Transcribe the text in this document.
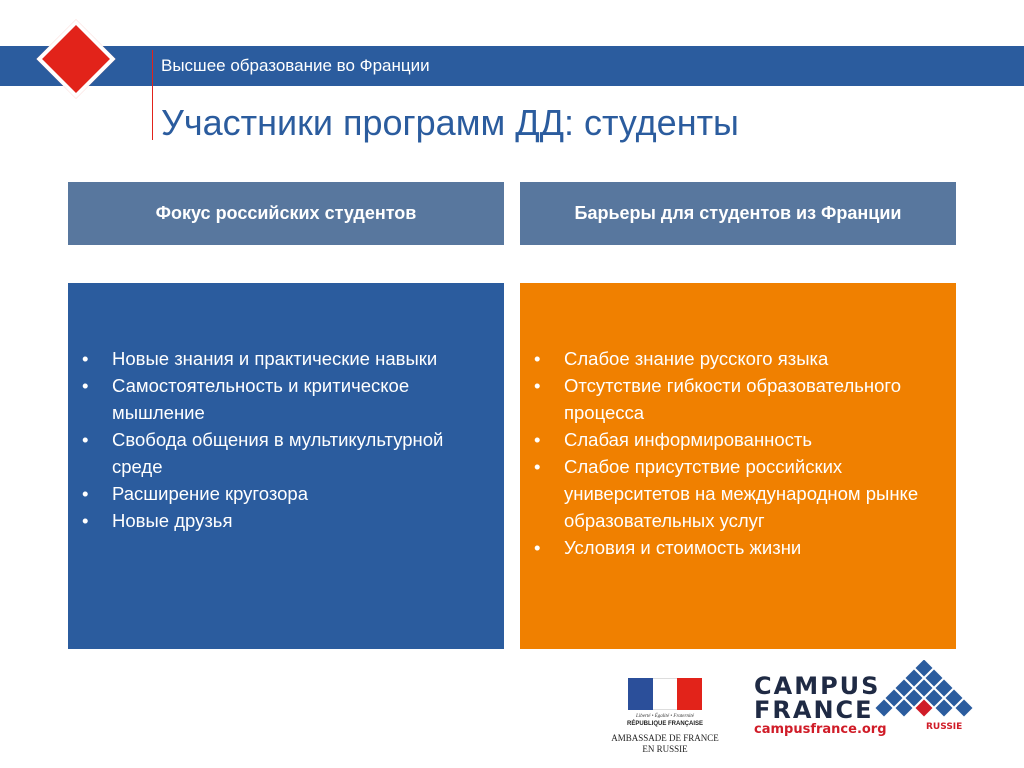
Высшее образование во Франции
Участники программ ДД: студенты
Фокус российских студентов	Барьеры для студентов из Франции
• Новые знания и практические навыки
• Самостоятельность и критическое мышление
• Свобода общения в мультикультурной среде
• Расширение кругозора
• Новые друзья
• Слабое знание русского языка
• Отсутствие гибкости образовательного процесса
• Слабая информированность
• Слабое присутствие российских университетов на международном рынке образовательных услуг
• Условия и стоимость жизни
Liberté • Égalité • Fraternité
RÉPUBLIQUE FRANÇAISE
AMBASSADE DE FRANCE
EN RUSSIE
CAMPUS
FRANCE
campusfrance.org	RUSSIE
